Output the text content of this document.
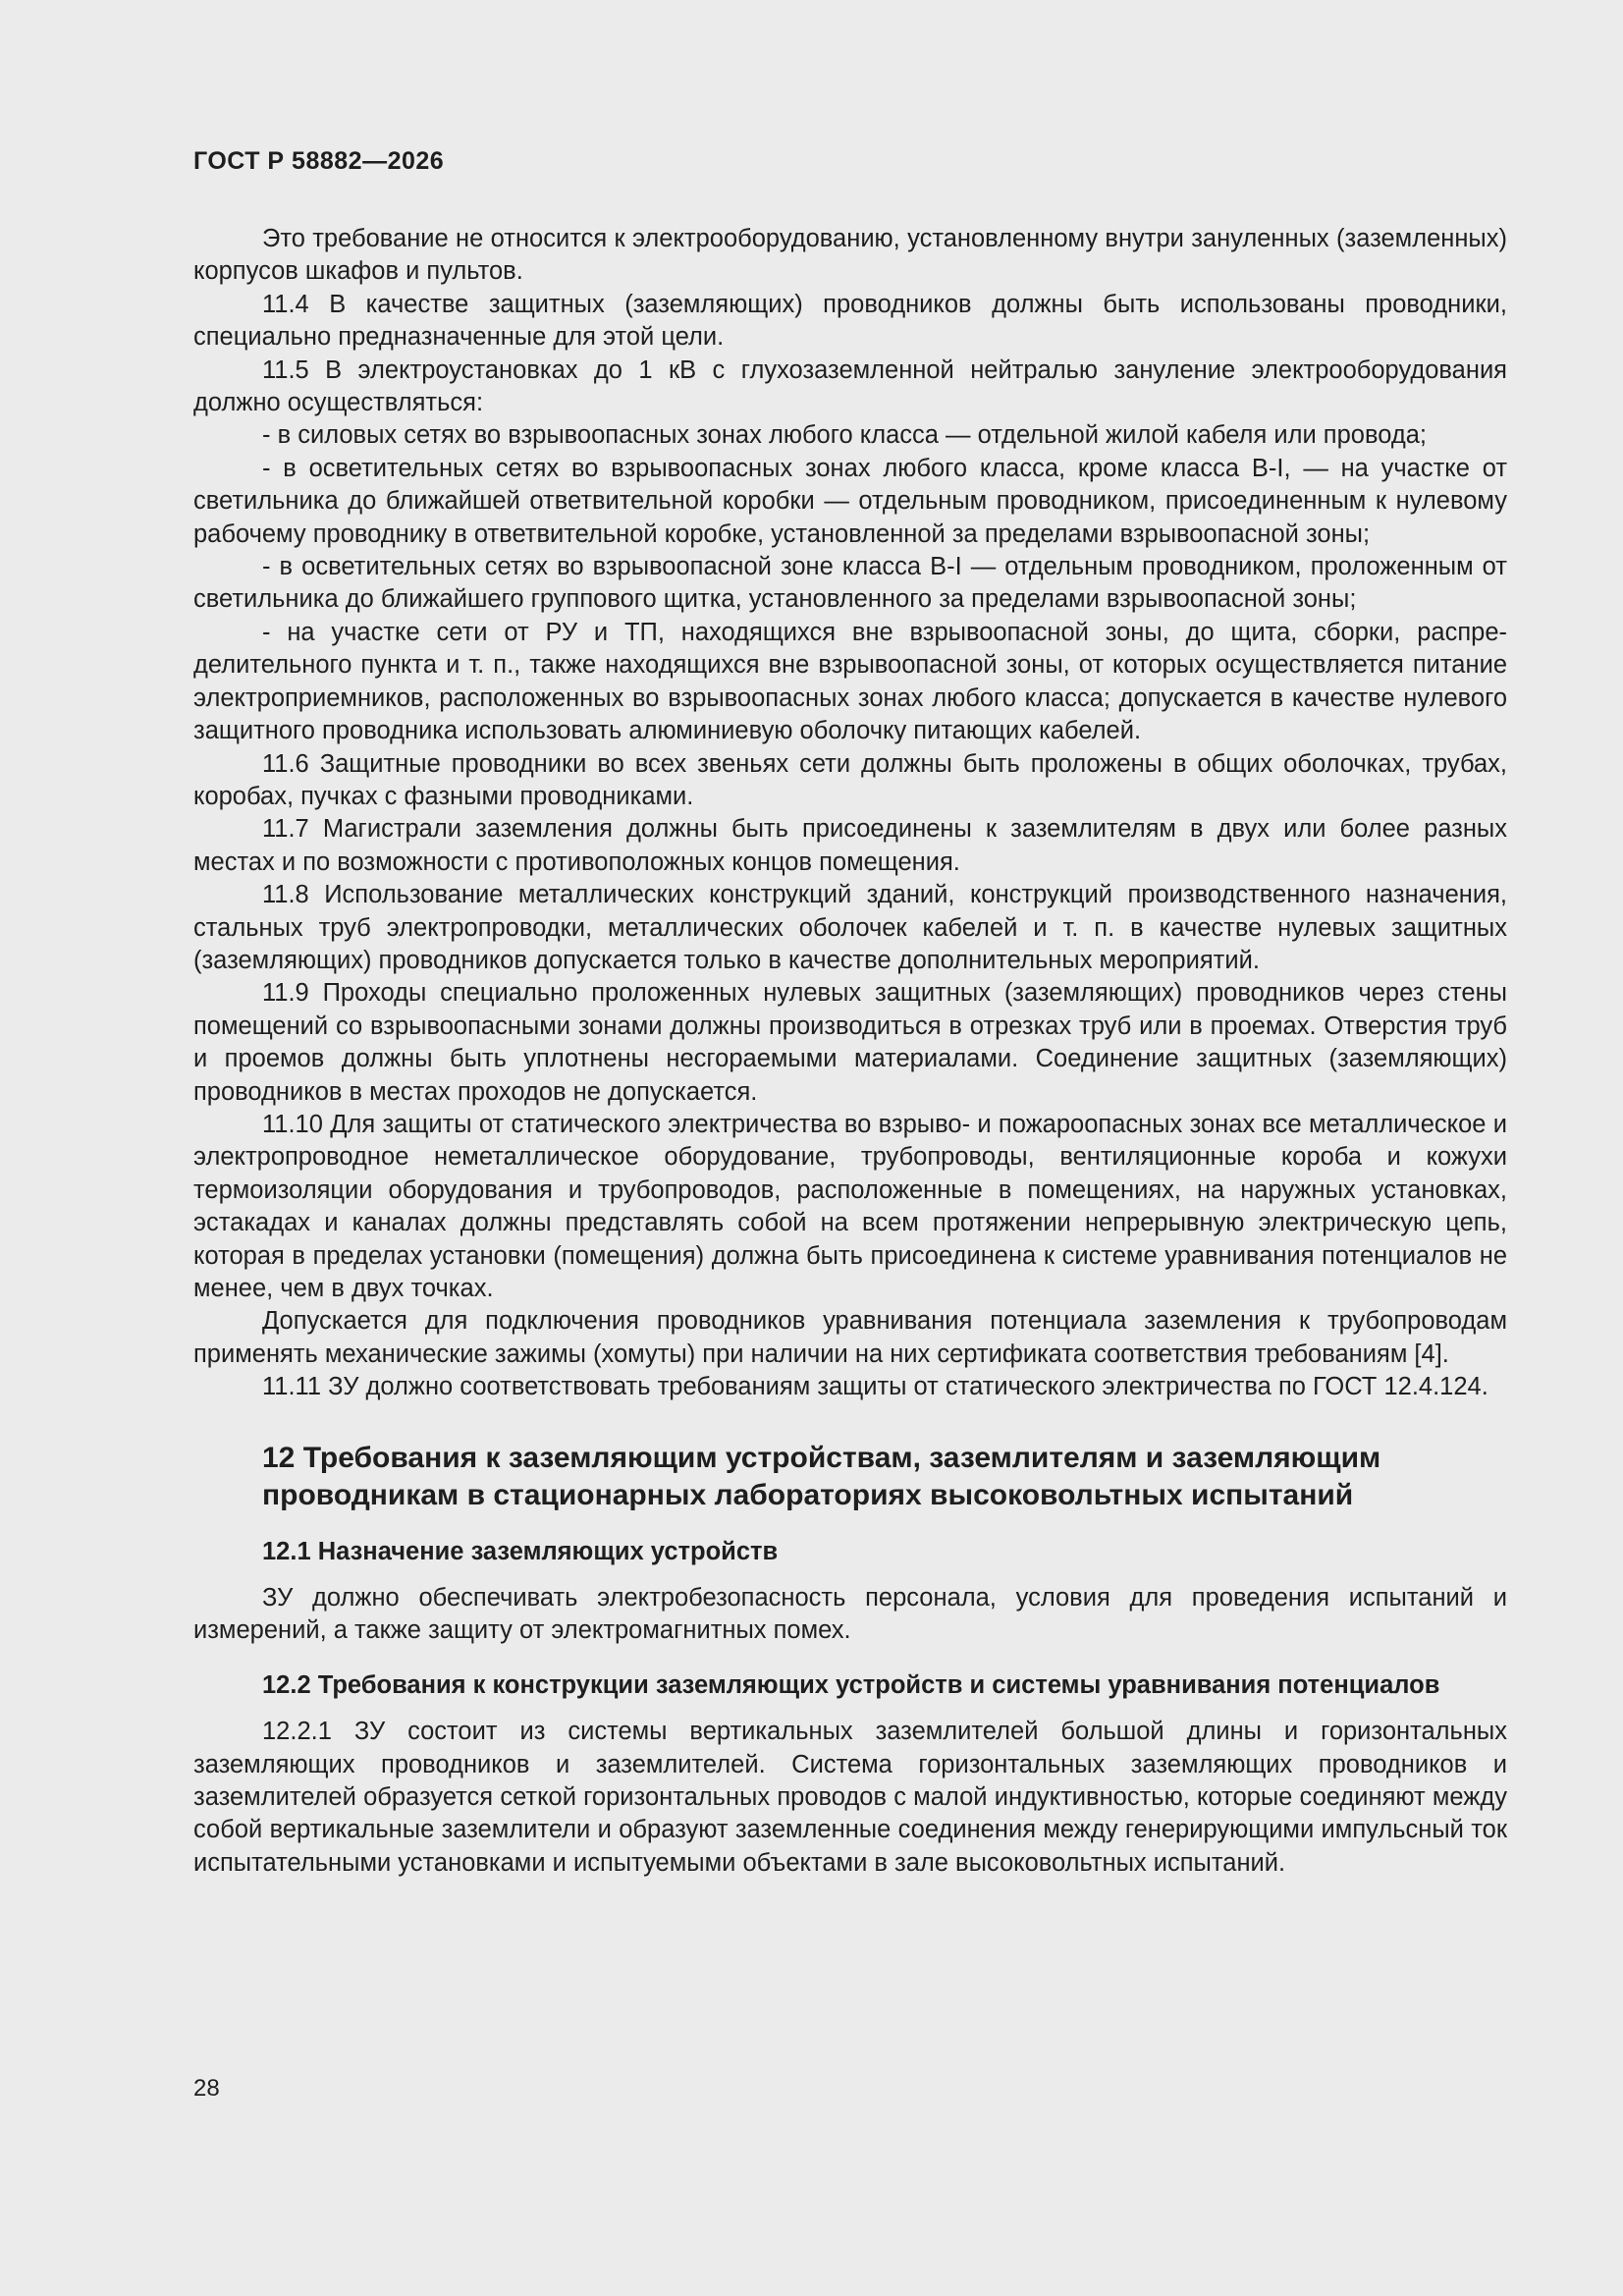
ГОСТ Р 58882—2026

Это требование не относится к электрооборудованию, установленному внутри зануленных (заземленных) корпусов шкафов и пультов.

11.4 В качестве защитных (заземляющих) проводников должны быть использованы проводники, специально предназначенные для этой цели.

11.5 В электроустановках до 1 кВ с глухозаземленной нейтралью зануление электрооборудования должно осуществляться:

- в силовых сетях во взрывоопасных зонах любого класса — отдельной жилой кабеля или провода;

- в осветительных сетях во взрывоопасных зонах любого класса, кроме класса В-I, — на участке от светильника до ближайшей ответвительной коробки — отдельным проводником, присоединенным к нулевому рабочему проводнику в ответвительной коробке, установленной за пределами взрывоопасной зоны;

- в осветительных сетях во взрывоопасной зоне класса В-I — отдельным проводником, проложенным от светильника до ближайшего группового щитка, установленного за пределами взрывоопасной зоны;

- на участке сети от РУ и ТП, находящихся вне взрывоопасной зоны, до щита, сборки, распределительного пункта и т. п., также находящихся вне взрывоопасной зоны, от которых осуществляется питание электроприемников, расположенных во взрывоопасных зонах любого класса; допускается в качестве нулевого защитного проводника использовать алюминиевую оболочку питающих кабелей.

11.6 Защитные проводники во всех звеньях сети должны быть проложены в общих оболочках, трубах, коробах, пучках с фазными проводниками.

11.7 Магистрали заземления должны быть присоединены к заземлителям в двух или более разных местах и по возможности с противоположных концов помещения.

11.8 Использование металлических конструкций зданий, конструкций производственного назначения, стальных труб электропроводки, металлических оболочек кабелей и т. п. в качестве нулевых защитных (заземляющих) проводников допускается только в качестве дополнительных мероприятий.

11.9 Проходы специально проложенных нулевых защитных (заземляющих) проводников через стены помещений со взрывоопасными зонами должны производиться в отрезках труб или в проемах. Отверстия труб и проемов должны быть уплотнены несгораемыми материалами. Соединение защитных (заземляющих) проводников в местах проходов не допускается.

11.10 Для защиты от статического электричества во взрыво- и пожароопасных зонах все металлическое и электропроводное неметаллическое оборудование, трубопроводы, вентиляционные короба и кожухи термоизоляции оборудования и трубопроводов, расположенные в помещениях, на наружных установках, эстакадах и каналах должны представлять собой на всем протяжении непрерывную электрическую цепь, которая в пределах установки (помещения) должна быть присоединена к системе уравнивания потенциалов не менее, чем в двух точках.

Допускается для подключения проводников уравнивания потенциала заземления к трубопроводам применять механические зажимы (хомуты) при наличии на них сертификата соответствия требованиям [4].

11.11 ЗУ должно соответствовать требованиям защиты от статического электричества по ГОСТ 12.4.124.

12 Требования к заземляющим устройствам, заземлителям и заземляющим проводникам в стационарных лабораториях высоковольтных испытаний

12.1 Назначение заземляющих устройств

ЗУ должно обеспечивать электробезопасность персонала, условия для проведения испытаний и измерений, а также защиту от электромагнитных помех.

12.2 Требования к конструкции заземляющих устройств и системы уравнивания потенциалов

12.2.1 ЗУ состоит из системы вертикальных заземлителей большой длины и горизонтальных заземляющих проводников и заземлителей. Система горизонтальных заземляющих проводников и заземлителей образуется сеткой горизонтальных проводов с малой индуктивностью, которые соединяют между собой вертикальные заземлители и образуют заземленные соединения между генерирующими импульсный ток испытательными установками и испытуемыми объектами в зале высоковольтных испытаний.

28
